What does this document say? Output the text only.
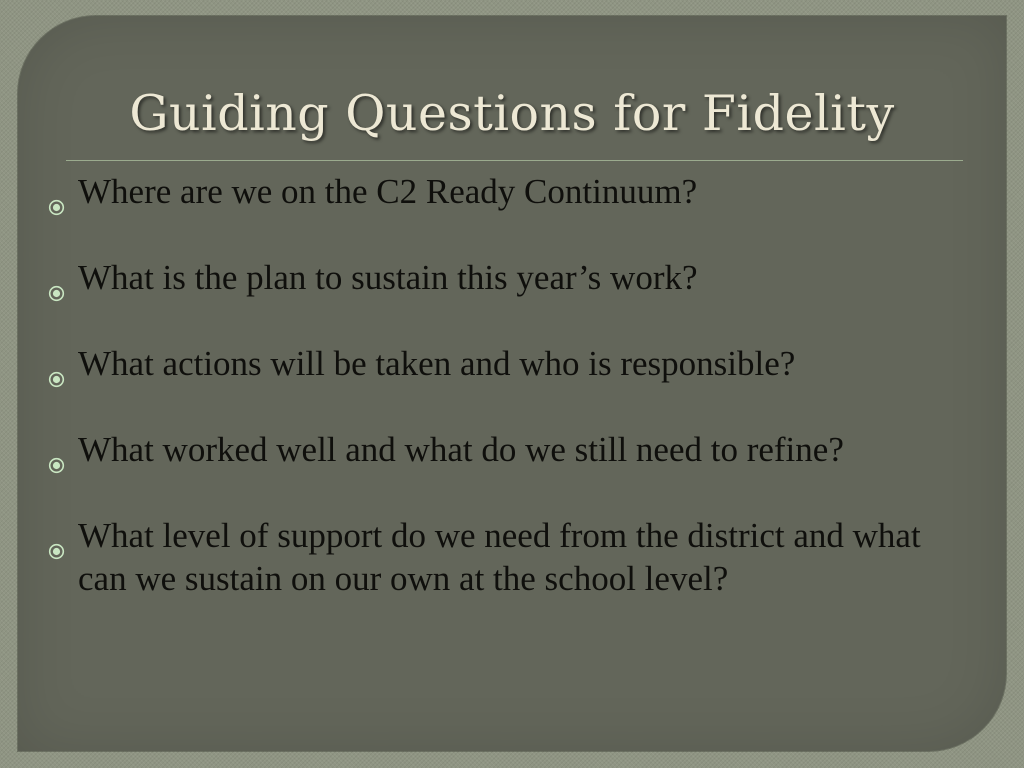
Guiding Questions for Fidelity
Where are we on the C2 Ready Continuum?
What is the plan to sustain this year’s work?
What actions will be taken and who is responsible?
What worked well and what do we still need to refine?
What level of support do we need from the district and what can we sustain on our own at the school level?
